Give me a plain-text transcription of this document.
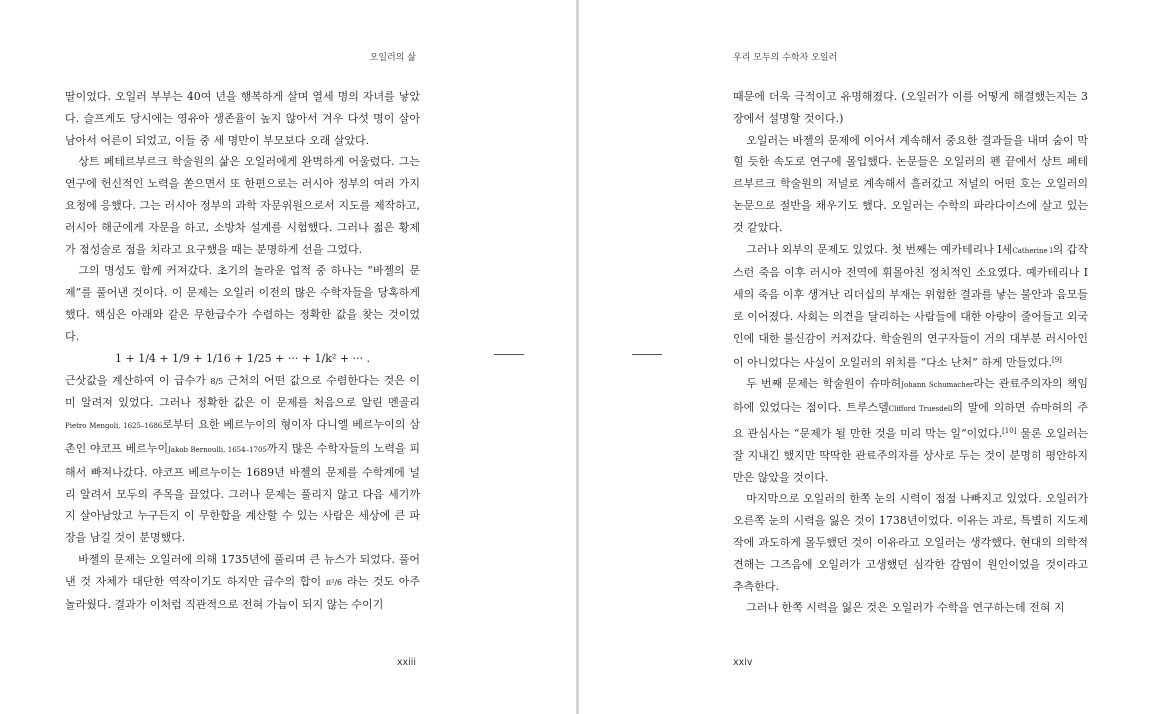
오일러의 삶

딸이었다. 오일러 부부는 40여 년을 행복하게 살며 열세 명의 자녀를 낳았다. 슬프게도 당시에는 영유아 생존율이 높지 않아서 겨우 다섯 명이 살아남아서 어른이 되었고, 이들 중 세 명만이 부모보다 오래 살았다.

상트 페테르부르크 학술원의 삶은 오일러에게 완벽하게 어울렸다. 그는 연구에 헌신적인 노력을 쏟으면서 또 한편으로는 러시아 정부의 여러 가지 요청에 응했다. 그는 러시아 정부의 과학 자문위원으로서 지도를 제작하고, 러시아 해군에게 자문을 하고, 소방차 설계를 시험했다. 그러나 젊은 황제가 점성술로 점을 치라고 요구했을 때는 분명하게 선을 그었다.

그의 명성도 함께 커져갔다. 초기의 놀라운 업적 중 하나는 “바젤의 문제”를 풀어낸 것이다. 이 문제는 오일러 이전의 많은 수학자들을 당혹하게 했다. 핵심은 아래와 같은 무한급수가 수렴하는 정확한 값을 찾는 것이었다.

1 + 1/4 + 1/9 + 1/16 + 1/25 + ··· + 1/k² + ··· .

근삿값을 계산하여 이 급수가 8/5 근처의 어떤 값으로 수렴한다는 것은 이미 알려져 있었다. 그러나 정확한 값은 이 문제를 처음으로 알린 멘골리Pietro Mengoli, 1625–1686로부터 요한 베르누이의 형이자 다니엘 베르누이의 삼촌인 야코프 베르누이Jakob Bernoulli, 1654–1705까지 많은 수학자들의 노력을 피해서 빠져나갔다. 야코프 베르누이는 1689년 바젤의 문제를 수학계에 널리 알려서 모두의 주목을 끌었다. 그러나 문제는 풀리지 않고 다음 세기까지 살아남았고 누구든지 이 무한합을 계산할 수 있는 사람은 세상에 큰 파장을 남길 것이 분명했다.

바젤의 문제는 오일러에 의해 1735년에 풀리며 큰 뉴스가 되었다. 풀어낸 것 자체가 대단한 역작이기도 하지만 급수의 합이 π²/6 라는 것도 아주 놀라웠다. 결과가 이처럼 직관적으로 전혀 가늠이 되지 않는 수이기

xxiii
우리 모두의 수학자 오일러

때문에 더욱 극적이고 유명해졌다. (오일러가 이를 어떻게 해결했는지는 3장에서 설명할 것이다.)

오일러는 바젤의 문제에 이어서 계속해서 중요한 결과들을 내며 숨이 막힐 듯한 속도로 연구에 몰입했다. 논문들은 오일러의 펜 끝에서 상트 페테르부르크 학술원의 저널로 계속해서 흘러갔고 저널의 어떤 호는 오일러의 논문으로 절반을 채우기도 했다. 오일러는 수학의 파라다이스에 살고 있는 것 같았다.

그러나 외부의 문제도 있었다. 첫 번째는 예카테리나 I세Catherine I의 갑작스런 죽음 이후 러시아 전역에 휘몰아친 정치적인 소요였다. 예카테리나 I세의 죽음 이후 생겨난 리더십의 부재는 위험한 결과를 낳는 불안과 음모들로 이어졌다. 사회는 의견을 달리하는 사람들에 대한 아량이 줄어들고 외국인에 대한 불신감이 커져갔다. 학술원의 연구자들이 거의 대부분 러시아인이 아니었다는 사실이 오일러의 위치를 “다소 난처” 하게 만들었다.[9]

두 번째 문제는 학술원이 슈마허Johann Schumacher라는 관료주의자의 책임하에 있었다는 점이다. 트루스델Clifford Truesdell의 말에 의하면 슈마허의 주요 관심사는 “문제가 될 만한 것을 미리 막는 일”이었다.[10] 물론 오일러는 잘 지내긴 했지만 딱딱한 관료주의자를 상사로 두는 것이 분명히 평안하지만은 않았을 것이다.

마지막으로 오일러의 한쪽 눈의 시력이 점점 나빠지고 있었다. 오일러가 오른쪽 눈의 시력을 잃은 것이 1738년이었다. 이유는 과로, 특별히 지도제작에 과도하게 몰두했던 것이 이유라고 오일러는 생각했다. 현대의 의학적 견해는 그즈음에 오일러가 고생했던 심각한 감염이 원인이었을 것이라고 추측한다.

그러나 한쪽 시력을 잃은 것은 오일러가 수학을 연구하는데 전혀 지

xxiv
